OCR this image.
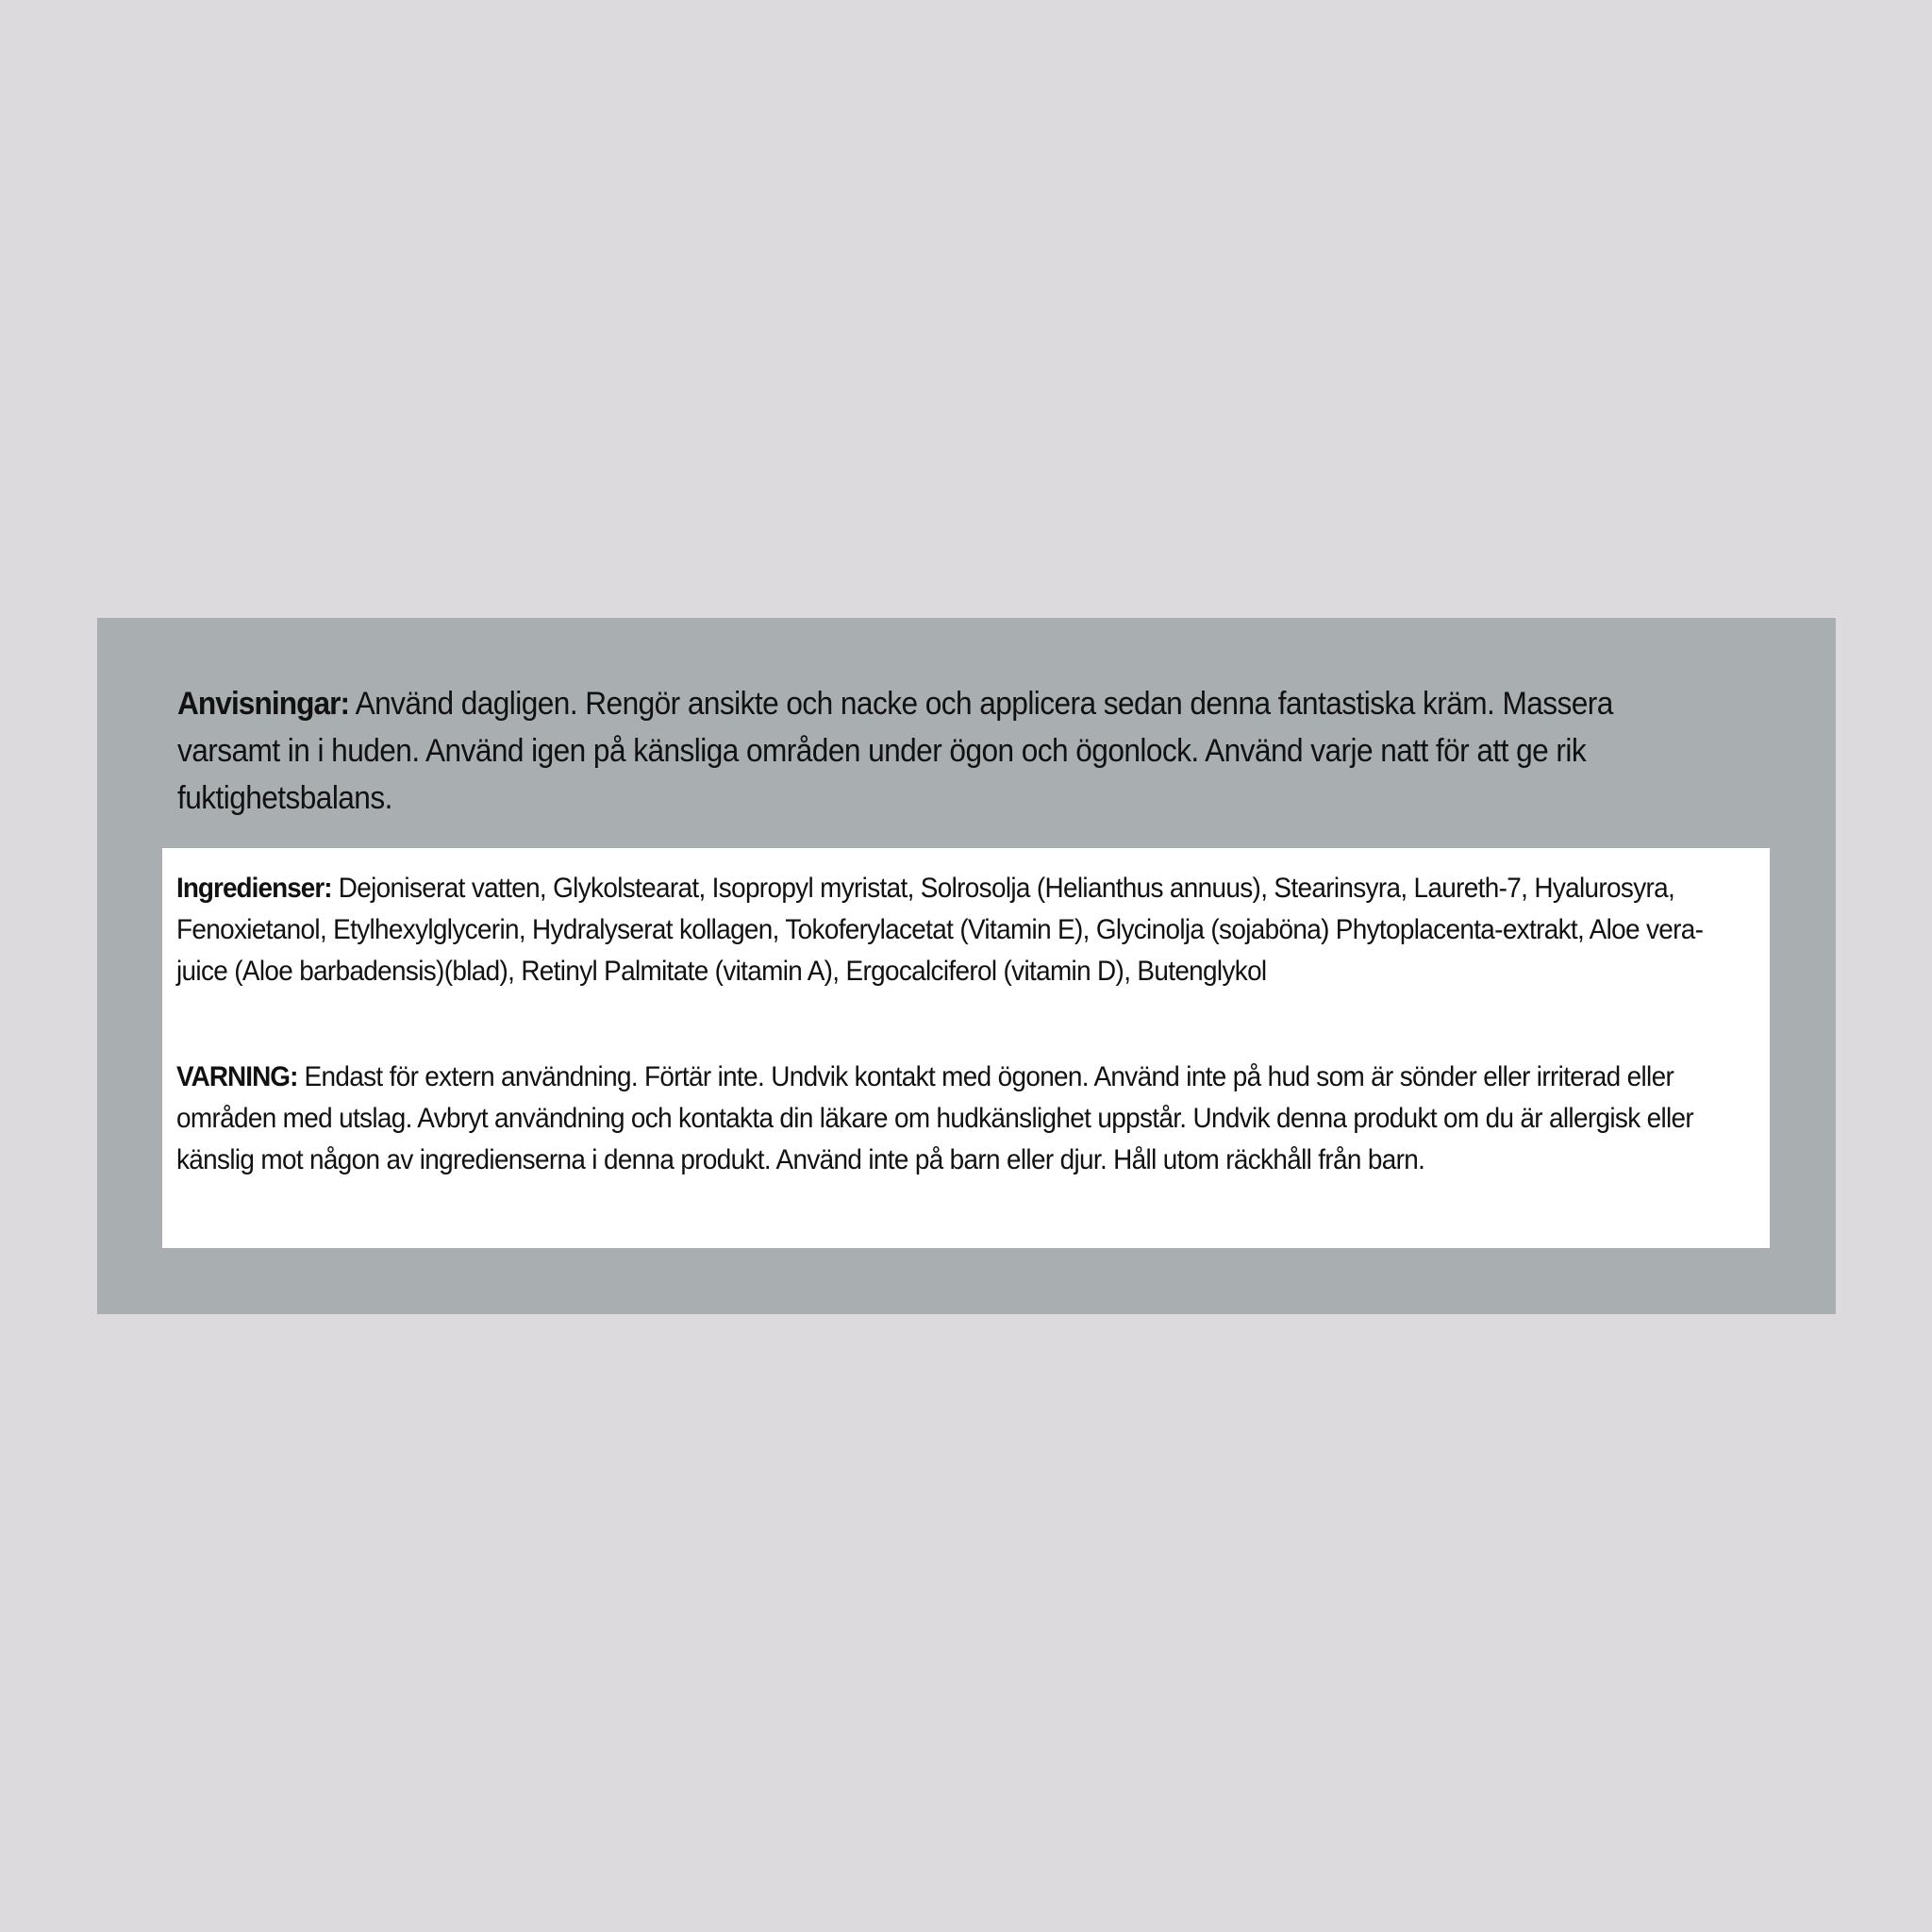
Anvisningar: Använd dagligen. Rengör ansikte och nacke och applicera sedan denna fantastiska kräm. Massera varsamt in i huden. Använd igen på känsliga områden under ögon och ögonlock. Använd varje natt för att ge rik fuktighetsbalans.

Ingredienser: Dejoniserat vatten, Glykolstearat, Isopropyl myristat, Solrosolja (Helianthus annuus), Stearinsyra, Laureth-7, Hyalurosyra, Fenoxietanol, Etylhexylglycerin, Hydralyserat kollagen, Tokoferylacetat (Vitamin E), Glycinolja (sojaböna) Phytoplacenta-extrakt, Aloe vera-juice (Aloe barbadensis)(blad), Retinyl Palmitate (vitamin A), Ergocalciferol (vitamin D), Butenglykol

VARNING: Endast för extern användning. Förtär inte. Undvik kontakt med ögonen. Använd inte på hud som är sönder eller irriterad eller områden med utslag. Avbryt användning och kontakta din läkare om hudkänslighet uppstår. Undvik denna produkt om du är allergisk eller känslig mot någon av ingredienserna i denna produkt. Använd inte på barn eller djur. Håll utom räckhåll från barn.
